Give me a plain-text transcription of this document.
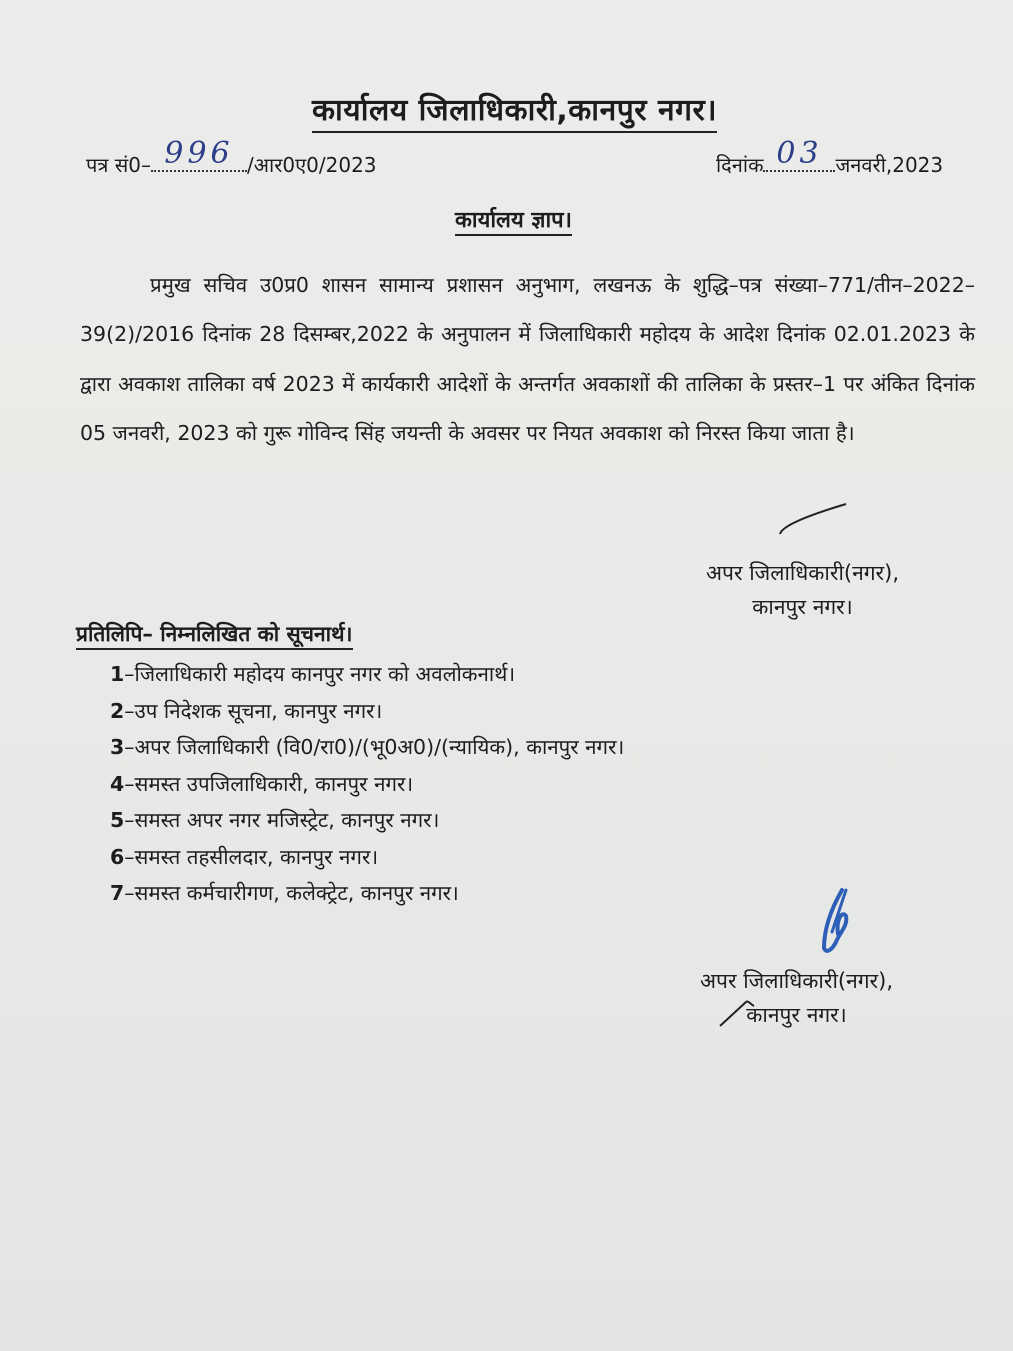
कार्यालय जिलाधिकारी,कानपुर नगर।
पत्र सं0– 996 /आर0ए0/2023	दिनांक 03 जनवरी,2023
कार्यालय ज्ञाप।

प्रमुख सचिव उ0प्र0 शासन सामान्य प्रशासन अनुभाग, लखनऊ के शुद्धि–पत्र संख्या–771/तीन–2022–39(2)/2016 दिनांक 28 दिसम्बर,2022 के अनुपालन में जिलाधिकारी महोदय के आदेश दिनांक 02.01.2023 के द्वारा अवकाश तालिका वर्ष 2023 में कार्यकारी आदेशों के अन्तर्गत अवकाशों की तालिका के प्रस्तर–1 पर अंकित दिनांक 05 जनवरी, 2023 को गुरू गोविन्द सिंह जयन्ती के अवसर पर नियत अवकाश को निरस्त किया जाता है।

अपर जिलाधिकारी(नगर),
कानपुर नगर।
प्रतिलिपि– निम्नलिखित को सूचनार्थ।
1–जिलाधिकारी महोदय कानपुर नगर को अवलोकनार्थ।
2–उप निदेशक सूचना, कानपुर नगर।
3–अपर जिलाधिकारी (वि0/रा0)/(भू0अ0)/(न्यायिक), कानपुर नगर।
4–समस्त उपजिलाधिकारी, कानपुर नगर।
5–समस्त अपर नगर मजिस्ट्रेट, कानपुर नगर।
6–समस्त तहसीलदार, कानपुर नगर।
7–समस्त कर्मचारीगण, कलेक्ट्रेट, कानपुर नगर।
अपर जिलाधिकारी(नगर),
कानपुर नगर।
